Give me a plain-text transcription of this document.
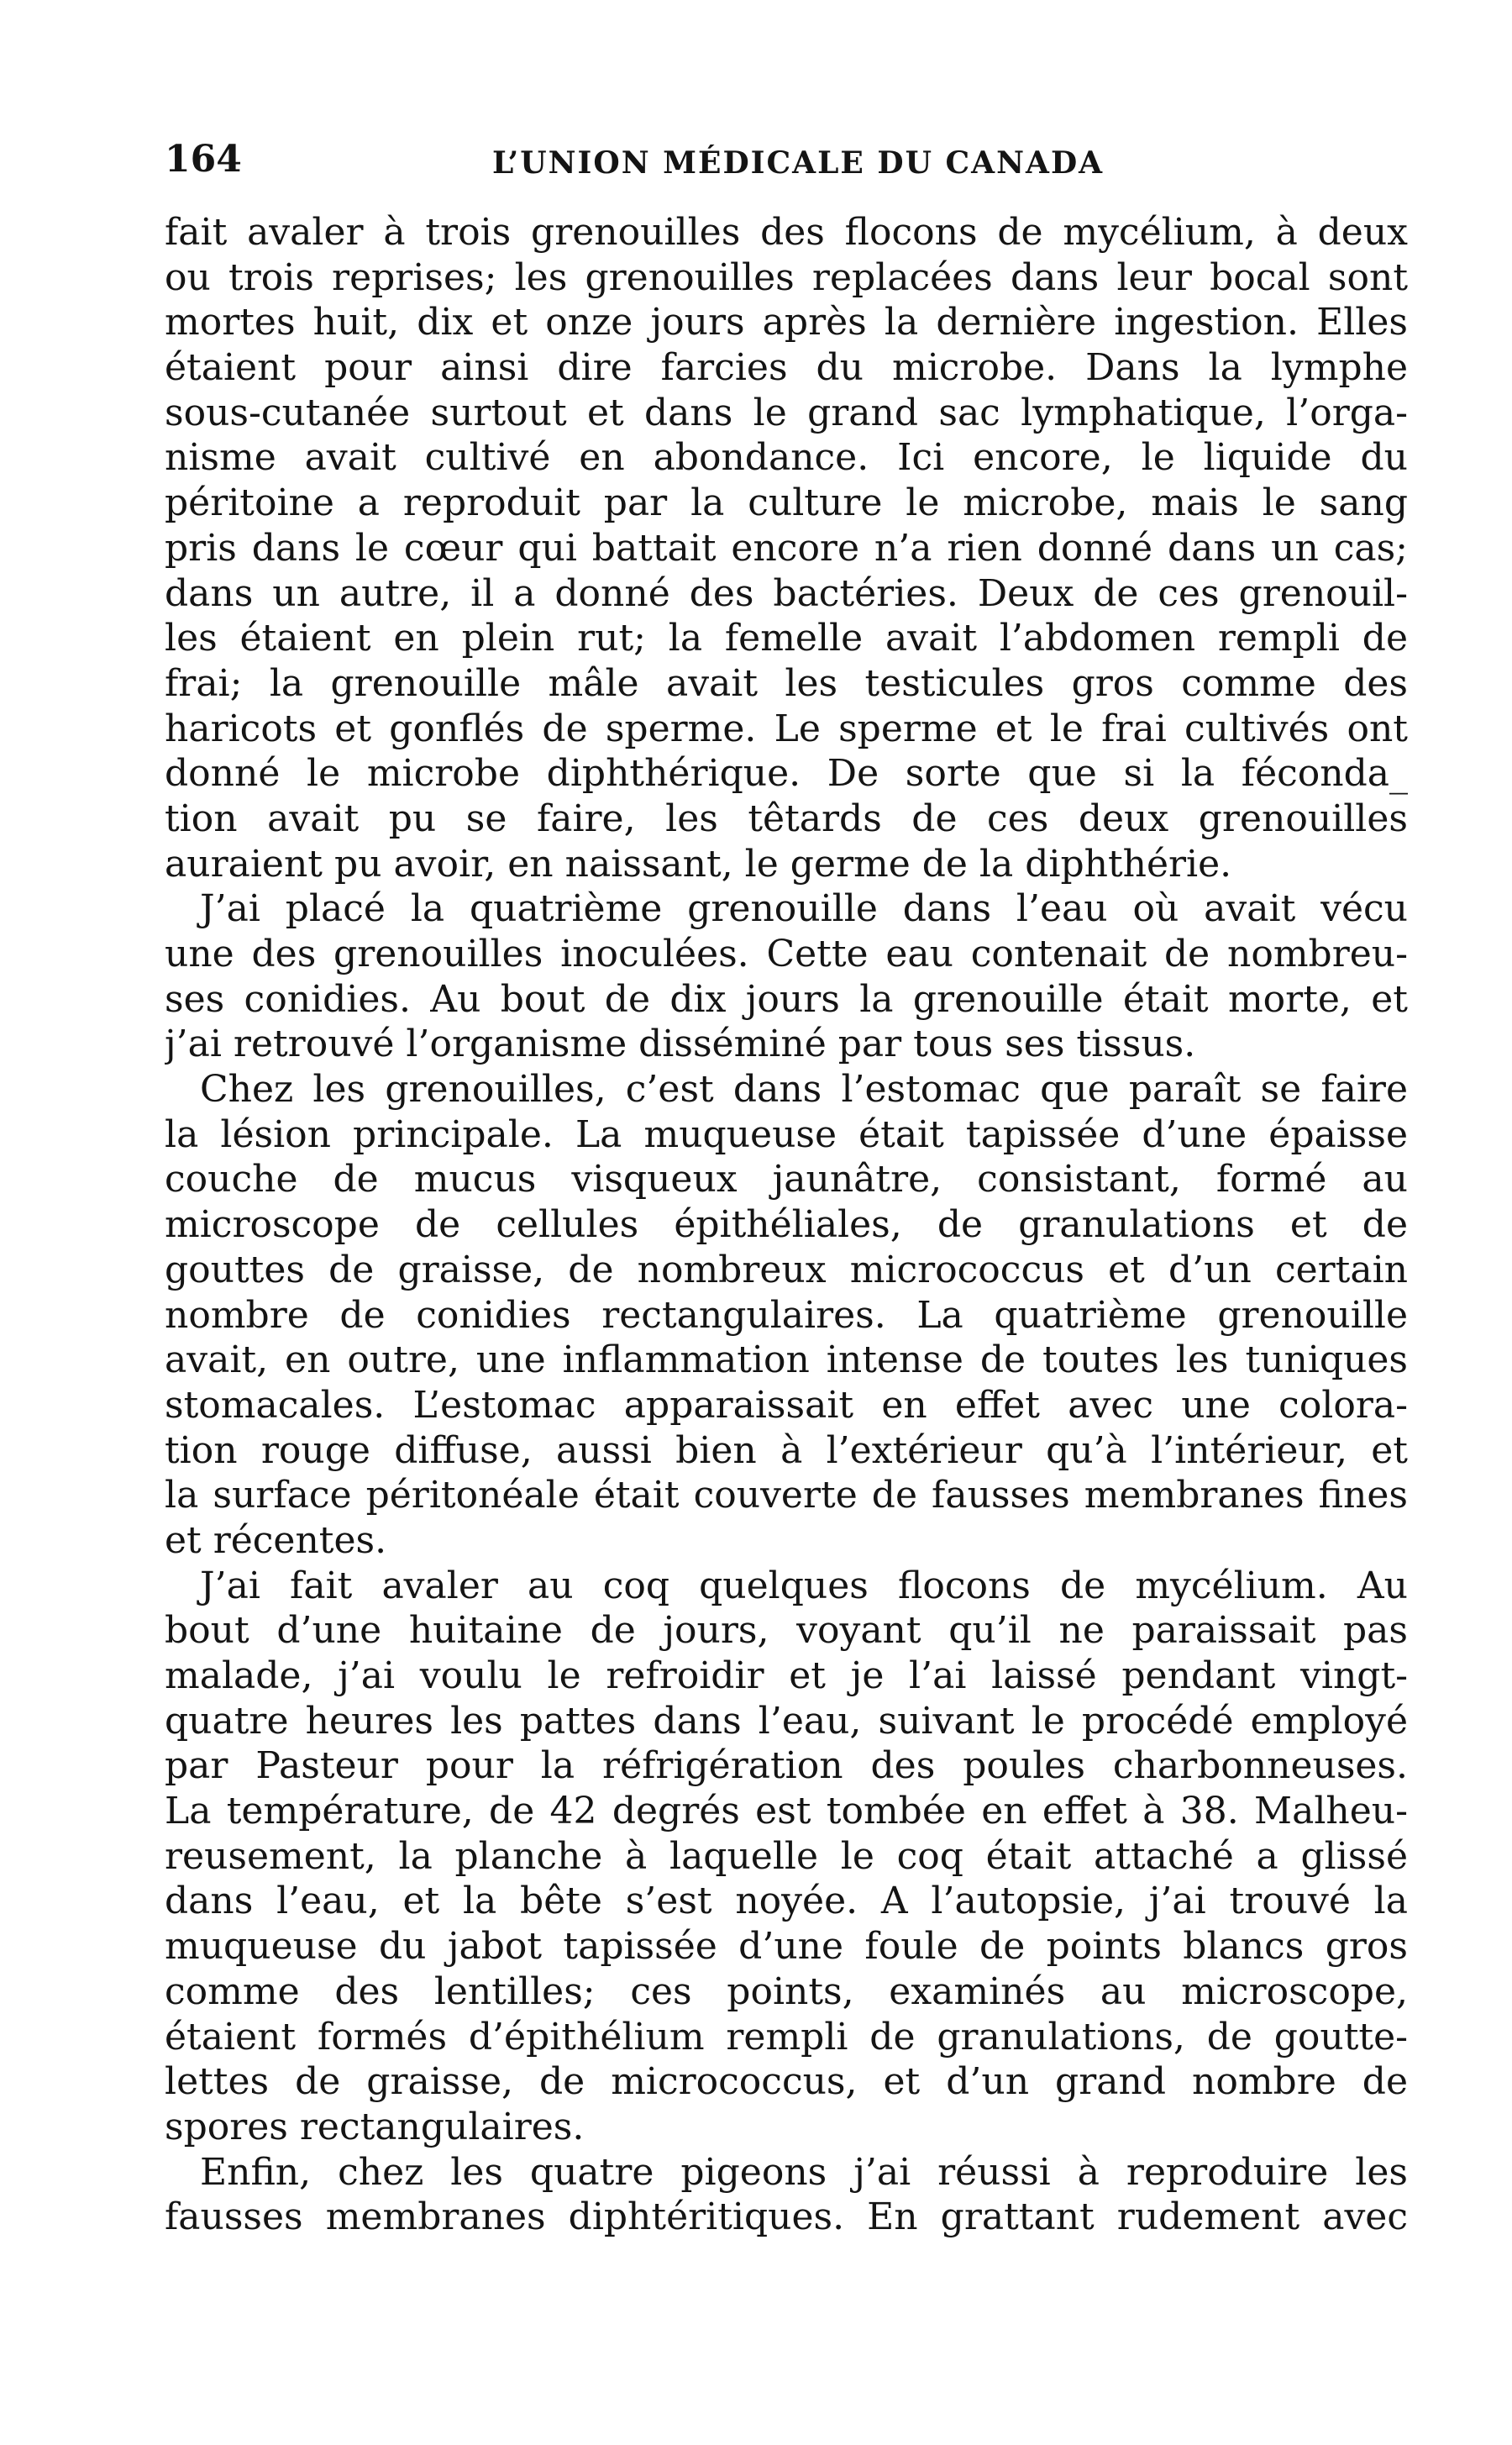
164	L’UNION MÉDICALE DU CANADA
fait avaler à trois grenouilles des flocons de mycélium, à deux
ou trois reprises; les grenouilles replacées dans leur bocal sont
mortes huit, dix et onze jours après la dernière ingestion. Elles
étaient pour ainsi dire farcies du microbe. Dans la lymphe
sous-cutanée surtout et dans le grand sac lymphatique, l’orga-
nisme avait cultivé en abondance. Ici encore, le liquide du
péritoine a reproduit par la culture le microbe, mais le sang
pris dans le cœur qui battait encore n’a rien donné dans un cas;
dans un autre, il a donné des bactéries. Deux de ces grenouil-
les étaient en plein rut; la femelle avait l’abdomen rempli de
frai; la grenouille mâle avait les testicules gros comme des
haricots et gonflés de sperme. Le sperme et le frai cultivés ont
donné le microbe diphthérique. De sorte que si la féconda_
tion avait pu se faire, les têtards de ces deux grenouilles
auraient pu avoir, en naissant, le germe de la diphthérie.
J’ai placé la quatrième grenouille dans l’eau où avait vécu
une des grenouilles inoculées. Cette eau contenait de nombreu-
ses conidies. Au bout de dix jours la grenouille était morte, et
j’ai retrouvé l’organisme disséminé par tous ses tissus.
Chez les grenouilles, c’est dans l’estomac que paraît se faire
la lésion principale. La muqueuse était tapissée d’une épaisse
couche de mucus visqueux jaunâtre, consistant, formé au
microscope de cellules épithéliales, de granulations et de
gouttes de graisse, de nombreux micrococcus et d’un certain
nombre de conidies rectangulaires. La quatrième grenouille
avait, en outre, une inflammation intense de toutes les tuniques
stomacales. L’estomac apparaissait en effet avec une colora-
tion rouge diffuse, aussi bien à l’extérieur qu’à l’intérieur, et
la surface péritonéale était couverte de fausses membranes fines
et récentes.
J’ai fait avaler au coq quelques flocons de mycélium. Au
bout d’une huitaine de jours, voyant qu’il ne paraissait pas
malade, j’ai voulu le refroidir et je l’ai laissé pendant vingt-
quatre heures les pattes dans l’eau, suivant le procédé employé
par Pasteur pour la réfrigération des poules charbonneuses.
La température, de 42 degrés est tombée en effet à 38. Malheu-
reusement, la planche à laquelle le coq était attaché a glissé
dans l’eau, et la bête s’est noyée. A l’autopsie, j’ai trouvé la
muqueuse du jabot tapissée d’une foule de points blancs gros
comme des lentilles; ces points, examinés au microscope,
étaient formés d’épithélium rempli de granulations, de goutte-
lettes de graisse, de micrococcus, et d’un grand nombre de
spores rectangulaires.
Enfin, chez les quatre pigeons j’ai réussi à reproduire les
fausses membranes diphtéritiques. En grattant rudement avec
